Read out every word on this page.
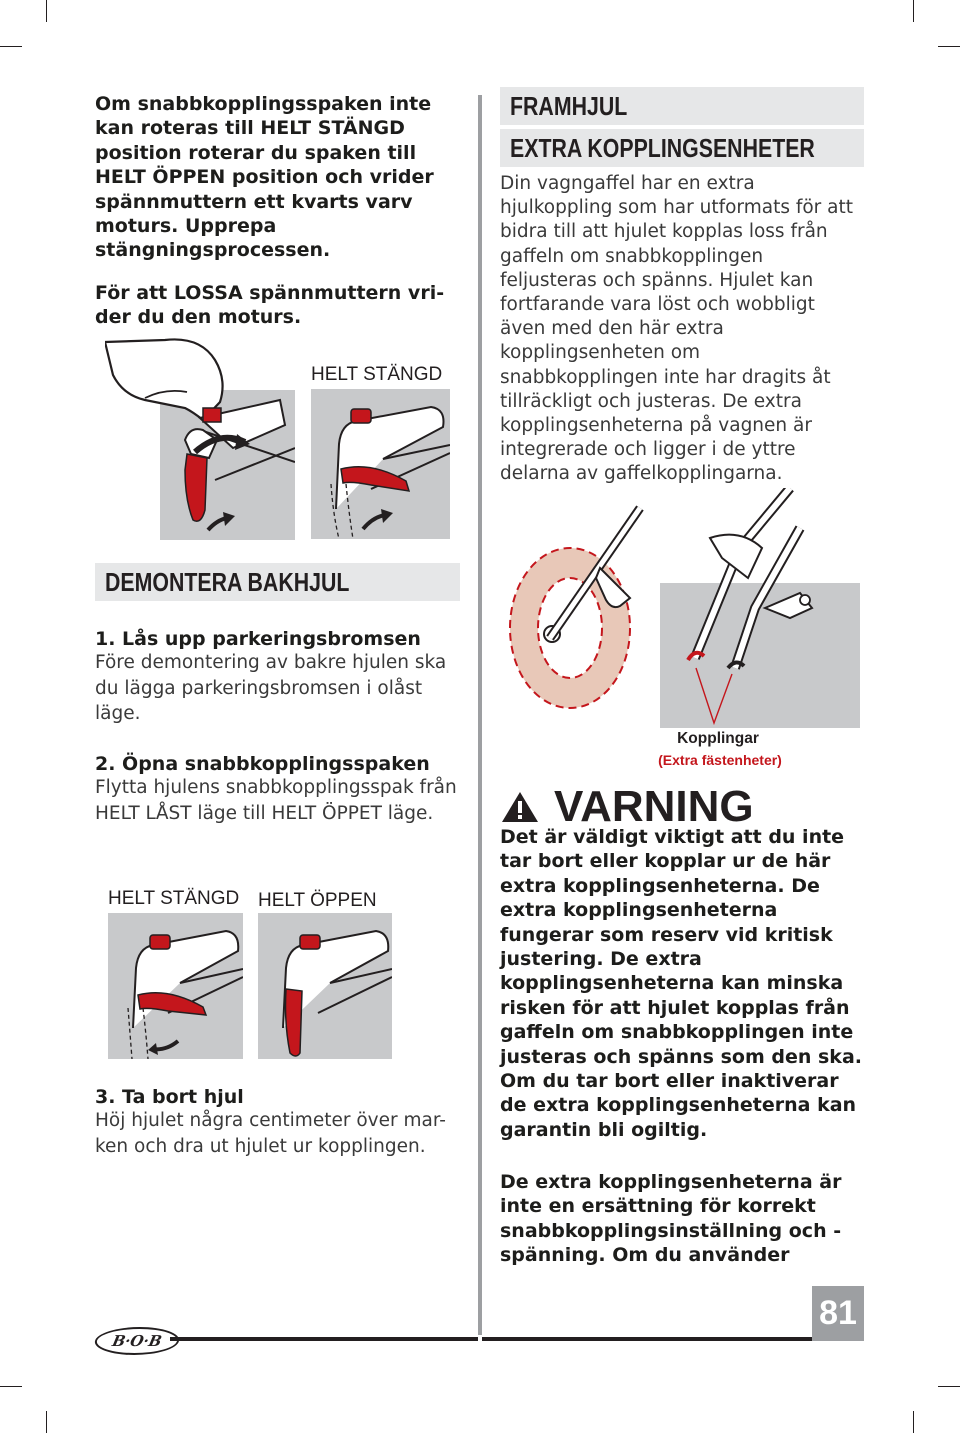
Om snabbkopplingsspaken inte kan roteras till HELT STÄNGD position roterar du spaken till HELT ÖPPEN position och vrider spännmuttern ett kvarts varv moturs. Upprepa stängningsprocessen.

För att LOSSA spännmuttern vri-der du den moturs.

HELT STÄNGD
FRAMHJUL
EXTRA KOPPLINGSENHETER

Din vagngaffel har en extra hjulkoppling som har utformats för att bidra till att hjulet kopplas loss från gaffeln om snabbkopplingen feljusteras och spänns. Hjulet kan fortfarande vara löst och wobbligt även med den här extra kopplingsenheten om snabbkopplingen inte har dragits åt tillräckligt och justeras. De extra kopplingsenheterna på vagnen är integrerade och ligger i de yttre delarna av gaffelkopplingarna.

DEMONTERA BAKHJUL
1. Lås upp parkeringsbromsen
Före demontering av bakre hjulen ska du lägga parkeringsbromsen i olåst läge.
2. Öpna snabbkopplingsspaken
Flytta hjulens snabbkopplingsspak från HELT LÅST läge till HELT ÖPPET läge.
HELT STÄNGD HELT ÖPPEN
3. Ta bort hjul
Höj hjulet några centimeter över mar-ken och dra ut hjulet ur kopplingen.
Kopplingar
(Extra fästenheter)
VARNING

Det är väldigt viktigt att du inte tar bort eller kopplar ur de här extra kopplingsenheterna. De extra kopplingsenheterna fungerar som reserv vid kritisk justering. De extra kopplingsenheterna kan minska risken för att hjulet kopplas från gaffeln om snabbkopplingen inte justeras och spänns som den ska. Om du tar bort eller inaktiverar de extra kopplingsenheterna kan garantin bli ogiltig.

De extra kopplingsenheterna är inte en ersättning för korrekt snabbkopplingsinställning och -spänning. Om du använder

B·O·B
81
